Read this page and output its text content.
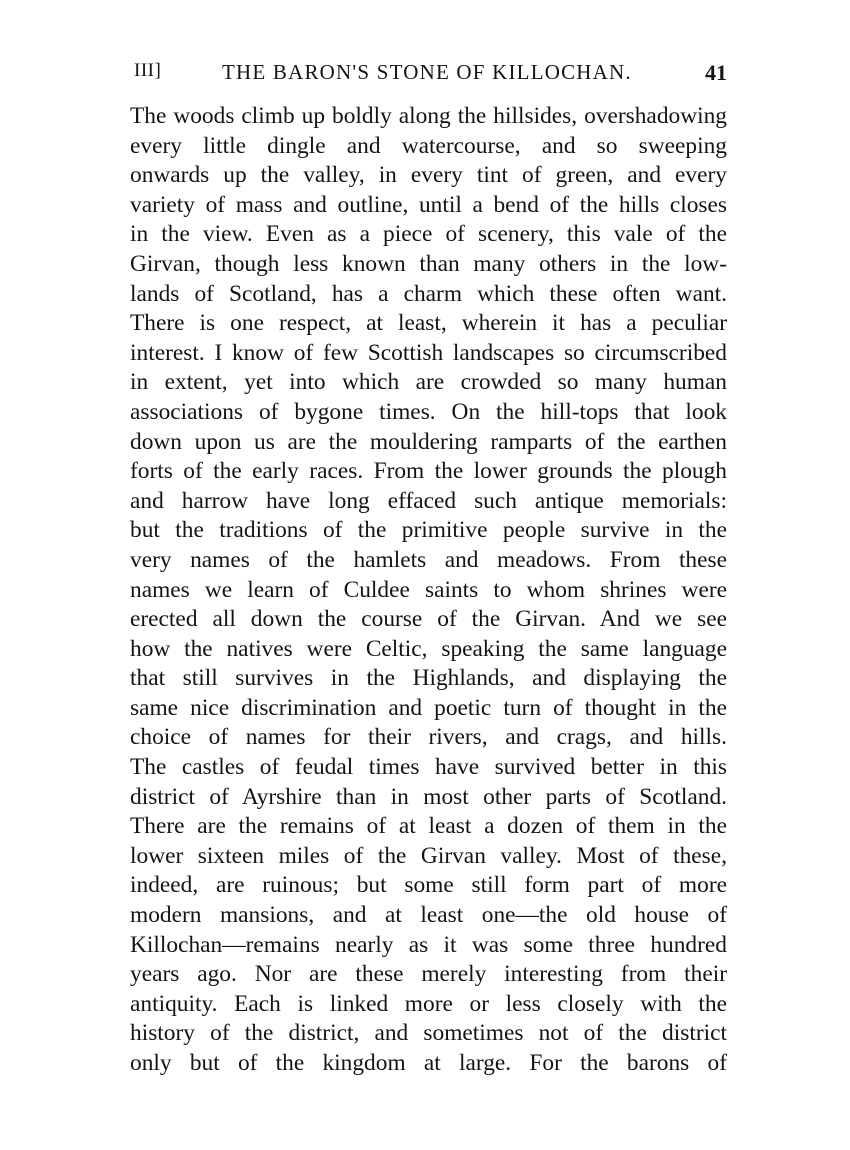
III]	THE BARON'S STONE OF KILLOCHAN.	41
The woods climb up boldly along the hillsides, overshadowing
every little dingle and watercourse, and so sweeping
onwards up the valley, in every tint of green, and every
variety of mass and outline, until a bend of the hills closes
in the view. Even as a piece of scenery, this vale of the
Girvan, though less known than many others in the low-
lands of Scotland, has a charm which these often want.
There is one respect, at least, wherein it has a peculiar
interest. I know of few Scottish landscapes so circumscribed
in extent, yet into which are crowded so many human
associations of bygone times. On the hill-tops that look
down upon us are the mouldering ramparts of the earthen
forts of the early races. From the lower grounds the plough
and harrow have long effaced such antique memorials:
but the traditions of the primitive people survive in the
very names of the hamlets and meadows. From these
names we learn of Culdee saints to whom shrines were
erected all down the course of the Girvan. And we see
how the natives were Celtic, speaking the same language
that still survives in the Highlands, and displaying the
same nice discrimination and poetic turn of thought in the
choice of names for their rivers, and crags, and hills.
The castles of feudal times have survived better in this
district of Ayrshire than in most other parts of Scotland.
There are the remains of at least a dozen of them in the
lower sixteen miles of the Girvan valley. Most of these,
indeed, are ruinous; but some still form part of more
modern mansions, and at least one—the old house of
Killochan—remains nearly as it was some three hundred
years ago. Nor are these merely interesting from their
antiquity. Each is linked more or less closely with the
history of the district, and sometimes not of the district
only but of the kingdom at large. For the barons of
